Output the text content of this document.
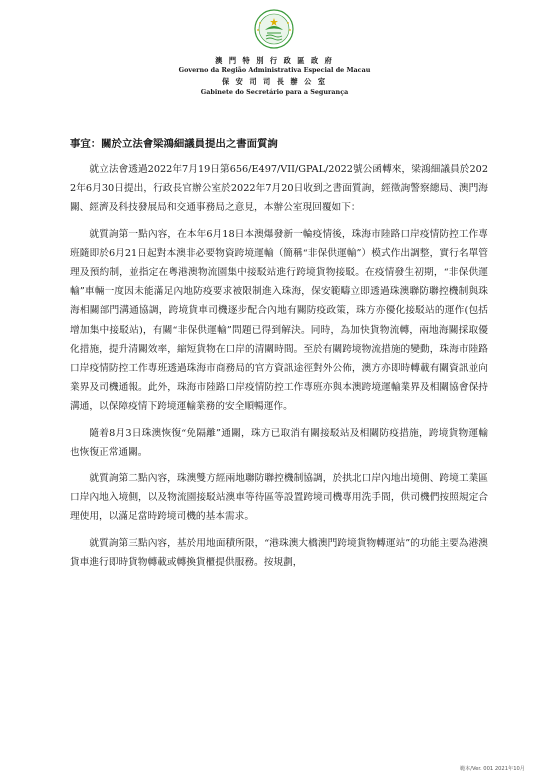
澳 門 特 別 行 政 區 政 府
Governo da Região Administrativa Especial de Macau
保 安 司 司 長 辦 公 室
Gabinete do Secretário para a Segurança
事宜：關於立法會梁鴻細議員提出之書面質詢

就立法會透過2022年7月19日第656/E497/VII/GPAL/2022號公函轉來，梁鴻細議員於2022年6月30日提出，行政長官辦公室於2022年7月20日收到之書面質詢，經徵詢警察總局、澳門海關、經濟及科技發展局和交通事務局之意見，本辦公室現回覆如下：

就質詢第一點內容，在本年6月18日本澳爆發新一輪疫情後，珠海市陸路口岸疫情防控工作專班隨即於6月21日起對本澳非必要物資跨境運輸（簡稱“非保供運輸”）模式作出調整，實行名單管理及預約制，並指定在粵港澳物流園集中接駁站進行跨境貨物接駁。在疫情發生初期，“非保供運輸”車輛一度因未能滿足內地防疫要求被限制進入珠海，保安範疇立即透過珠澳聯防聯控機制與珠海相關部門溝通協調，跨境貨車司機逐步配合內地有關防疫政策，珠方亦優化接駁站的運作(包括增加集中接駁站)，有關“非保供運輸”問題已得到解決。同時，為加快貨物流轉，兩地海關採取優化措施，提升清關效率，縮短貨物在口岸的清關時間。至於有關跨境物流措施的變動，珠海市陸路口岸疫情防控工作專班透過珠海市商務局的官方資訊途徑對外公佈，澳方亦即時轉載有關資訊並向業界及司機通報。此外，珠海市陸路口岸疫情防控工作專班亦與本澳跨境運輸業界及相關協會保持溝通，以保障疫情下跨境運輸業務的安全順暢運作。

隨着8月3日珠澳恢復“免隔離”通關，珠方已取消有關接駁站及相關防疫措施，跨境貨物運輸也恢復正常通關。

就質詢第二點內容，珠澳雙方經兩地聯防聯控機制協調，於拱北口岸內地出境側、跨境工業區口岸內地入境側，以及物流園接駁站澳車等待區等設置跨境司機專用洗手間，供司機們按照規定合理使用，以滿足當時跨境司機的基本需求。

就質詢第三點內容，基於用地面積所限，“港珠澳大橋澳門跨境貨物轉運站”的功能主要為港澳貨車進行即時貨物轉載或轉換貨櫃提供服務。按規劃，

範本/Ver. 001 2021年10月
